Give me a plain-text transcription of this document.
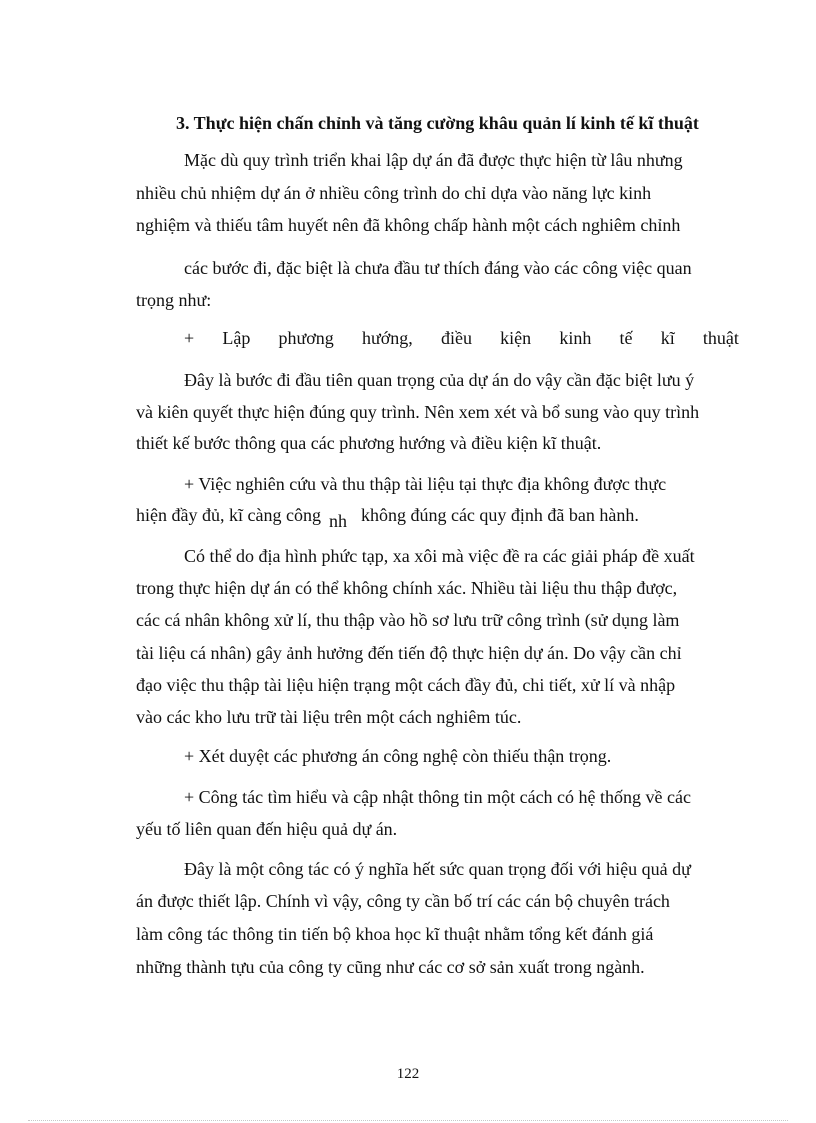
3. Thực hiện chấn chỉnh và tăng cường khâu quản lí kinh tế kĩ thuật
Mặc dù quy trình triển khai lập dự án đã được thực hiện từ lâu nhưng
nhiều chủ nhiệm dự án ở nhiều công trình do chỉ dựa vào năng lực kinh
nghiệm và thiếu tâm huyết nên đã không chấp hành một cách nghiêm chỉnh
các bước đi, đặc biệt là chưa đầu tư thích đáng vào các công việc quan
trọng như:
+ Lập phương hướng, điều kiện kinh tế kĩ thuật
Đây là bước đi đầu tiên quan trọng của dự án do vậy cần đặc biệt lưu ý
và kiên quyết thực hiện đúng quy trình. Nên xem xét và bổ sung vào quy trình
thiết kế bước thông qua các phương hướng và điều kiện kĩ thuật.
+ Việc nghiên cứu và thu thập tài liệu tại thực địa không được thực
hiện đầy đủ, kĩ càng công nh không đúng các quy định đã ban hành.
Có thể do địa hình phức tạp, xa xôi mà việc đề ra các giải pháp đề xuất
trong thực hiện dự án có thể không chính xác. Nhiều tài liệu thu thập được,
các cá nhân không xử lí, thu thập vào hồ sơ lưu trữ công trình (sử dụng làm
tài liệu cá nhân) gây ảnh hưởng đến tiến độ thực hiện dự án. Do vậy cần chỉ
đạo việc thu thập tài liệu hiện trạng một cách đầy đủ, chi tiết, xử lí và nhập
vào các kho lưu trữ tài liệu trên một cách nghiêm túc.
+ Xét duyệt các phương án công nghệ còn thiếu thận trọng.
+ Công tác tìm hiểu và cập nhật thông tin một cách có hệ thống về các
yếu tố liên quan đến hiệu quả dự án.
Đây là một công tác có ý nghĩa hết sức quan trọng đối với hiệu quả dự
án được thiết lập. Chính vì vậy, công ty cần bố trí các cán bộ chuyên trách
làm công tác thông tin tiến bộ khoa học kĩ thuật nhằm tổng kết đánh giá
những thành tựu của công ty cũng như các cơ sở sản xuất trong ngành.
122
